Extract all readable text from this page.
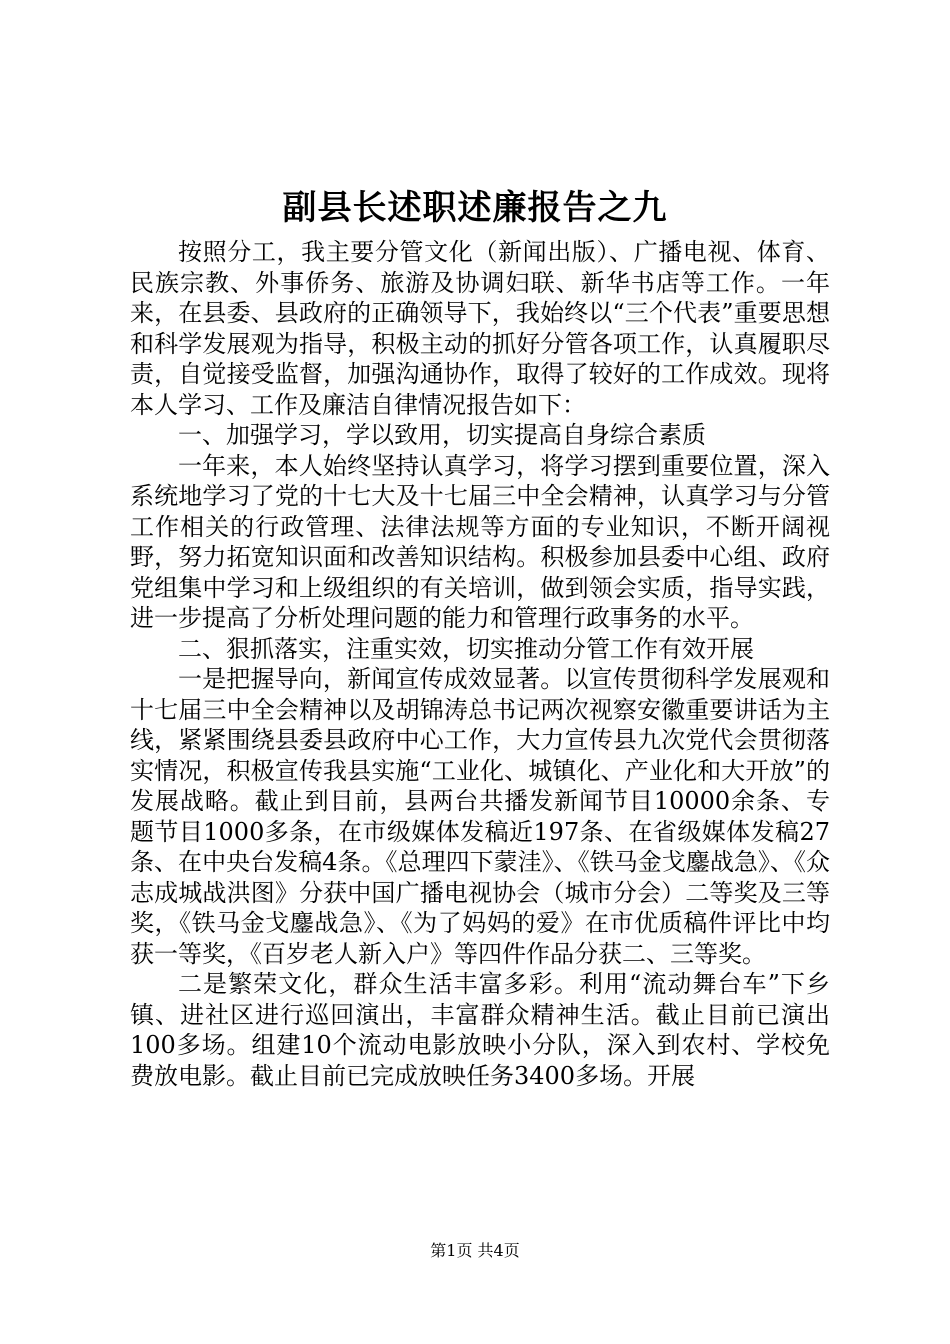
副县长述职述廉报告之九

按照分工，我主要分管文化（新闻出版）、广播电视、体育、民族宗教、外事侨务、旅游及协调妇联、新华书店等工作。一年来，在县委、县政府的正确领导下，我始终以“三个代表”重要思想和科学发展观为指导，积极主动的抓好分管各项工作，认真履职尽责，自觉接受监督，加强沟通协作，取得了较好的工作成效。现将本人学习、工作及廉洁自律情况报告如下：

一、加强学习，学以致用，切实提高自身综合素质

一年来，本人始终坚持认真学习，将学习摆到重要位置，深入系统地学习了党的十七大及十七届三中全会精神，认真学习与分管工作相关的行政管理、法律法规等方面的专业知识，不断开阔视野，努力拓宽知识面和改善知识结构。积极参加县委中心组、政府党组集中学习和上级组织的有关培训，做到领会实质，指导实践，进一步提高了分析处理问题的能力和管理行政事务的水平。

二、狠抓落实，注重实效，切实推动分管工作有效开展

一是把握导向，新闻宣传成效显著。以宣传贯彻科学发展观和十七届三中全会精神以及胡锦涛总书记两次视察安徽重要讲话为主线，紧紧围绕县委县政府中心工作，大力宣传县九次党代会贯彻落实情况，积极宣传我县实施“工业化、城镇化、产业化和大开放”的发展战略。截止到目前，县两台共播发新闻节目10000余条、专题节目1000多条，在市级媒体发稿近197条、在省级媒体发稿27条、在中央台发稿4条。《总理四下蒙洼》、《铁马金戈鏖战急》、《众志成城战洪图》分获中国广播电视协会（城市分会）二等奖及三等奖，《铁马金戈鏖战急》、《为了妈妈的爱》在市优质稿件评比中均获一等奖，《百岁老人新入户》等四件作品分获二、三等奖。

二是繁荣文化，群众生活丰富多彩。利用“流动舞台车”下乡镇、进社区进行巡回演出，丰富群众精神生活。截止目前已演出100多场。组建10个流动电影放映小分队，深入到农村、学校免费放电影。截止目前已完成放映任务3400多场。开展

第1页 共4页
